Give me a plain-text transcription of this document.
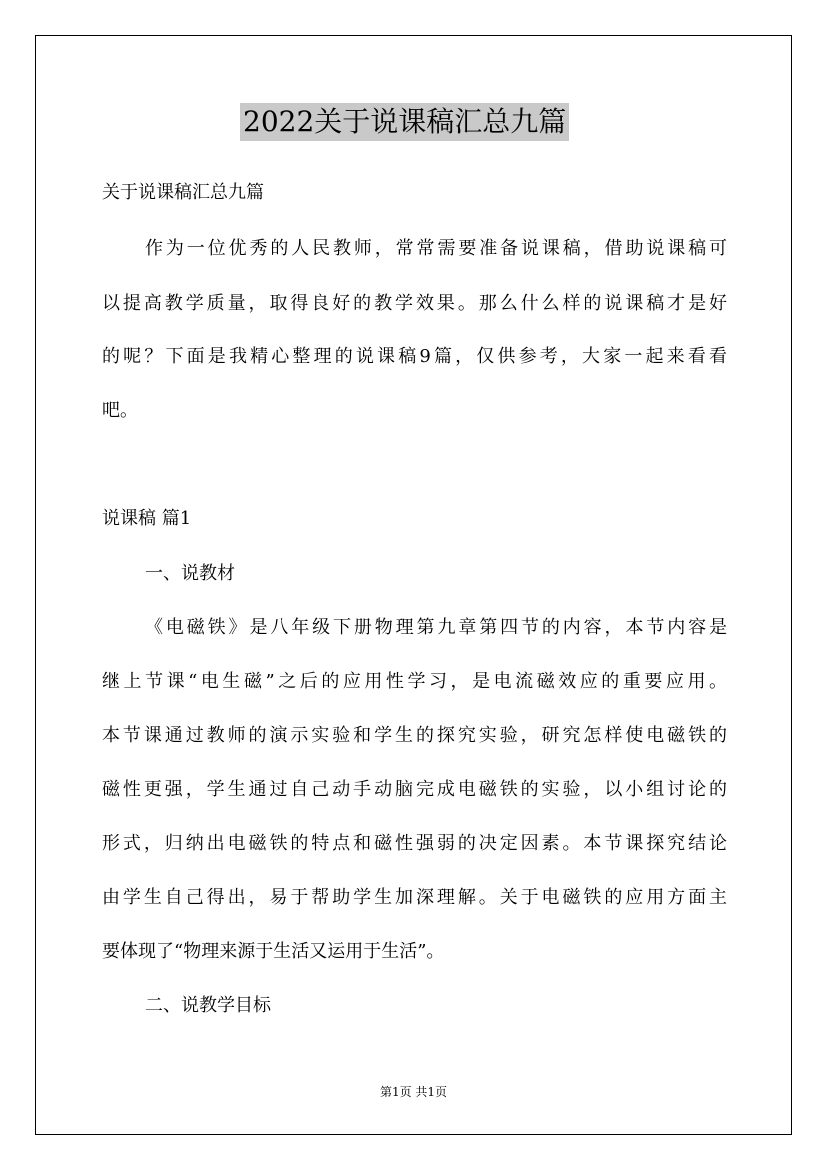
2022关于说课稿汇总九篇
关于说课稿汇总九篇
作为一位优秀的人民教师，常常需要准备说课稿，借助说课稿可
以提高教学质量，取得良好的教学效果。那么什么样的说课稿才是好
的呢？下面是我精心整理的说课稿9篇，仅供参考，大家一起来看看
吧。
说课稿 篇1
一、说教材
《电磁铁》是八年级下册物理第九章第四节的内容，本节内容是
继上节课“电生磁”之后的应用性学习，是电流磁效应的重要应用。
本节课通过教师的演示实验和学生的探究实验，研究怎样使电磁铁的
磁性更强，学生通过自己动手动脑完成电磁铁的实验，以小组讨论的
形式，归纳出电磁铁的特点和磁性强弱的决定因素。本节课探究结论
由学生自己得出，易于帮助学生加深理解。关于电磁铁的应用方面主
要体现了“物理来源于生活又运用于生活”。
二、说教学目标
第1页 共1页
